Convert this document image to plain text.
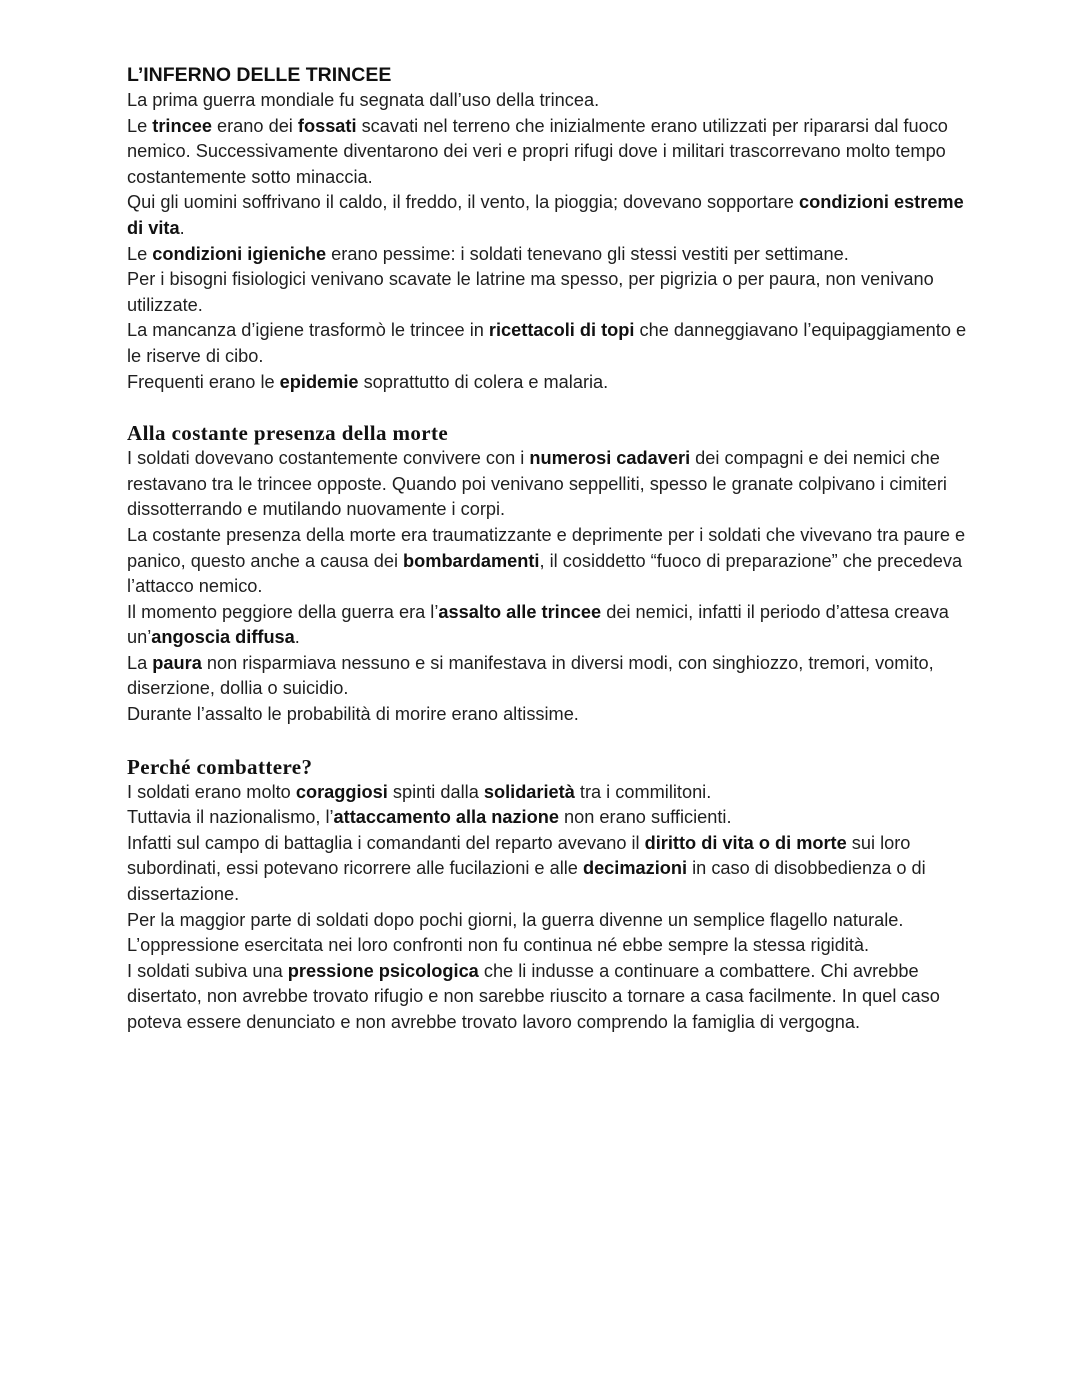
L’INFERNO DELLE TRINCEE

La prima guerra mondiale fu segnata dall’uso della trincea.

Le trincee erano dei fossati scavati nel terreno che inizialmente erano utilizzati per ripararsi dal fuoco nemico. Successivamente diventarono dei veri e propri rifugi dove i militari trascorrevano molto tempo costantemente sotto minaccia.

Qui gli uomini soffrivano il caldo, il freddo, il vento, la pioggia; dovevano sopportare condizioni estreme di vita.

Le condizioni igieniche erano pessime: i soldati tenevano gli stessi vestiti per settimane.

Per i bisogni fisiologici venivano scavate le latrine ma spesso, per pigrizia o per paura, non venivano utilizzate.

La mancanza d’igiene trasformò le trincee in ricettacoli di topi che danneggiavano l’equipaggiamento e le riserve di cibo.

Frequenti erano le epidemie soprattutto di colera e malaria.

Alla costante presenza della morte

I soldati dovevano costantemente convivere con i numerosi cadaveri dei compagni e dei nemici che restavano tra le trincee opposte. Quando poi venivano seppelliti, spesso le granate colpivano i cimiteri dissotterrando e mutilando nuovamente i corpi.

La costante presenza della morte era traumatizzante e deprimente per i soldati che vivevano tra paure e panico, questo anche a causa dei bombardamenti, il cosiddetto “fuoco di preparazione” che precedeva l’attacco nemico.

Il momento peggiore della guerra era l’assalto alle trincee dei nemici, infatti il periodo d’attesa creava un’angoscia diffusa.

La paura non risparmiava nessuno e si manifestava in diversi modi, con singhiozzo, tremori, vomito, diserzione, dollia o suicidio.

Durante l’assalto le probabilità di morire erano altissime.

Perché combattere?

I soldati erano molto coraggiosi spinti dalla solidarietà tra i commilitoni.

Tuttavia il nazionalismo, l’attaccamento alla nazione non erano sufficienti.

Infatti sul campo di battaglia i comandanti del reparto avevano il diritto di vita o di morte sui loro subordinati, essi potevano ricorrere alle fucilazioni e alle decimazioni in caso di disobbedienza o di dissertazione.

Per la maggior parte di soldati dopo pochi giorni, la guerra divenne un semplice flagello naturale.

L’oppressione esercitata nei loro confronti non fu continua né ebbe sempre la stessa rigidità.

I soldati subiva una pressione psicologica che li indusse a continuare a combattere. Chi avrebbe disertato, non avrebbe trovato rifugio e non sarebbe riuscito a tornare a casa facilmente. In quel caso poteva essere denunciato e non avrebbe trovato lavoro comprendo la famiglia di vergogna.
